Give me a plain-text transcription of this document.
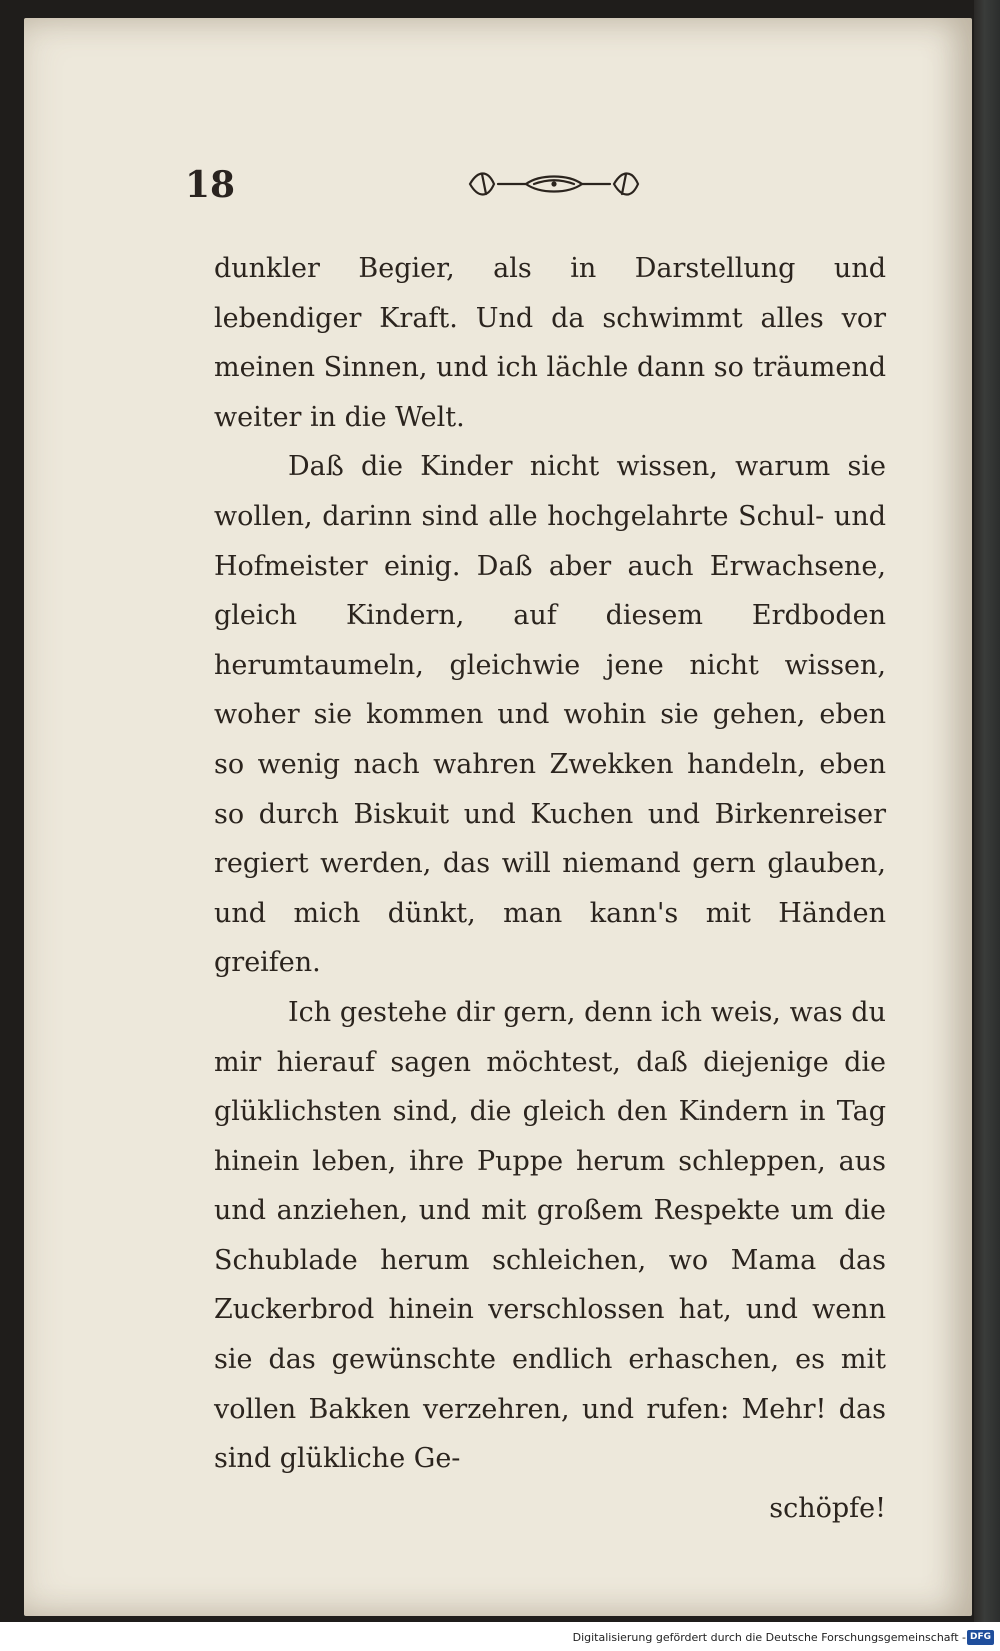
18

dunkler Begier, als in Darstellung und lebendiger Kraft. Und da schwimmt alles vor meinen Sinnen, und ich lächle dann so träumend weiter in die Welt.

Daß die Kinder nicht wissen, warum sie wollen, darinn sind alle hochgelahrte Schul- und Hofmeister einig. Daß aber auch Erwachsene, gleich Kindern, auf diesem Erdboden herumtaumeln, gleichwie jene nicht wissen, woher sie kommen und wohin sie gehen, eben so wenig nach wahren Zwekken handeln, eben so durch Biskuit und Kuchen und Birkenreiser regiert werden, das will niemand gern glauben, und mich dünkt, man kann's mit Händen greifen.

Ich gestehe dir gern, denn ich weis, was du mir hierauf sagen möchtest, daß diejenige die glüklichsten sind, die gleich den Kindern in Tag hinein leben, ihre Puppe herum schleppen, aus und anziehen, und mit großem Respekte um die Schublade herum schleichen, wo Mama das Zuckerbrod hinein verschlossen hat, und wenn sie das gewünschte endlich erhaschen, es mit vollen Bakken verzehren, und rufen: Mehr! das sind glükliche Ge-

schöpfe!

Digitalisierung gefördert durch die Deutsche Forschungsgemeinschaft - DFG
